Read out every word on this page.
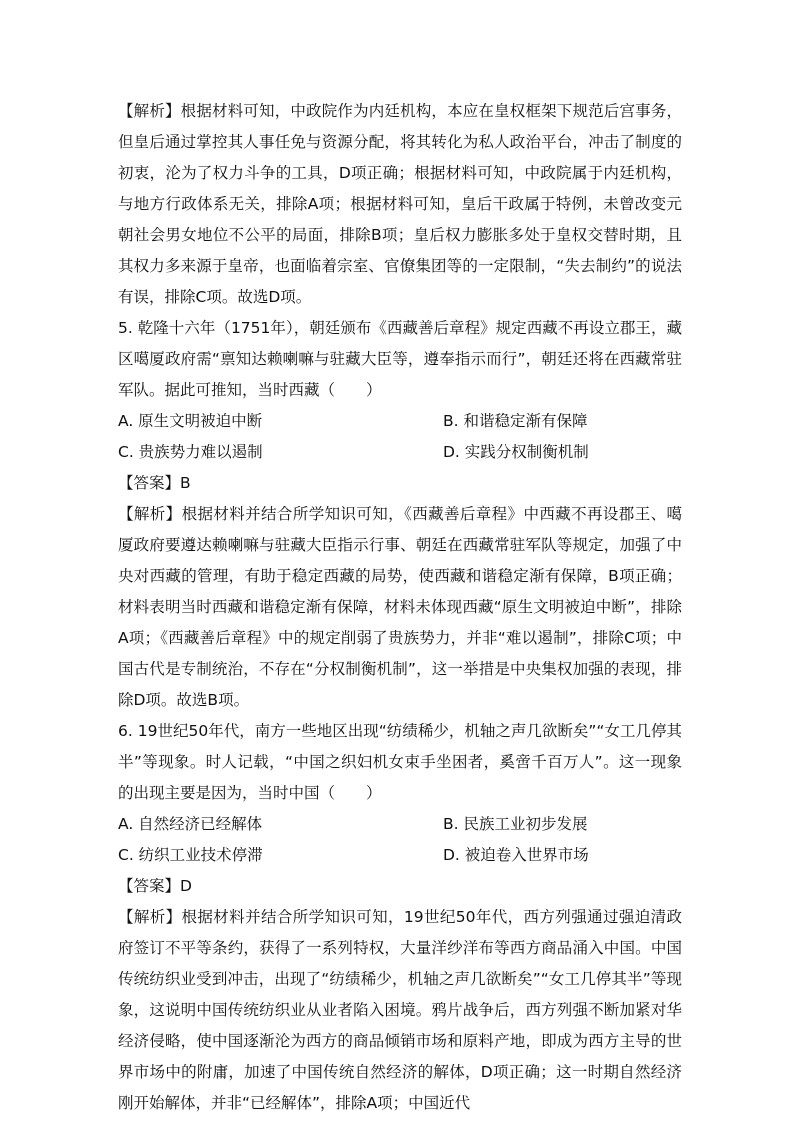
【解析】根据材料可知，中政院作为内廷机构，本应在皇权框架下规范后宫事务，但皇后通过掌控其人事任免与资源分配，将其转化为私人政治平台，冲击了制度的初衷，沦为了权力斗争的工具，D项正确；根据材料可知，中政院属于内廷机构，与地方行政体系无关，排除A项；根据材料可知，皇后干政属于特例，未曾改变元朝社会男女地位不公平的局面，排除B项；皇后权力膨胀多处于皇权交替时期，且其权力多来源于皇帝，也面临着宗室、官僚集团等的一定限制，“失去制约”的说法有误，排除C项。故选D项。

5. 乾隆十六年（1751年），朝廷颁布《西藏善后章程》规定西藏不再设立郡王，藏区噶厦政府需“禀知达赖喇嘛与驻藏大臣等，遵奉指示而行”，朝廷还将在西藏常驻军队。据此可推知，当时西藏（　　）

A. 原生文明被迫中断	B. 和谐稳定渐有保障
C. 贵族势力难以遏制	D. 实践分权制衡机制

【答案】B

【解析】根据材料并结合所学知识可知，《西藏善后章程》中西藏不再设郡王、噶厦政府要遵达赖喇嘛与驻藏大臣指示行事、朝廷在西藏常驻军队等规定，加强了中央对西藏的管理，有助于稳定西藏的局势，使西藏和谐稳定渐有保障，B项正确；材料表明当时西藏和谐稳定渐有保障，材料未体现西藏“原生文明被迫中断”，排除A项；《西藏善后章程》中的规定削弱了贵族势力，并非“难以遏制”，排除C项；中国古代是专制统治，不存在“分权制衡机制”，这一举措是中央集权加强的表现，排除D项。故选B项。

6. 19世纪50年代，南方一些地区出现“纺绩稀少，机轴之声几欲断矣”“女工几停其半”等现象。时人记载，“中国之织妇机女束手坐困者，奚啻千百万人”。这一现象的出现主要是因为，当时中国（　　）

A. 自然经济已经解体	B. 民族工业初步发展
C. 纺织工业技术停滞	D. 被迫卷入世界市场

【答案】D

【解析】根据材料并结合所学知识可知，19世纪50年代，西方列强通过强迫清政府签订不平等条约，获得了一系列特权，大量洋纱洋布等西方商品涌入中国。中国传统纺织业受到冲击，出现了“纺绩稀少，机轴之声几欲断矣”“女工几停其半”等现象，这说明中国传统纺织业从业者陷入困境。鸦片战争后，西方列强不断加紧对华经济侵略，使中国逐渐沦为西方的商品倾销市场和原料产地，即成为西方主导的世界市场中的附庸，加速了中国传统自然经济的解体，D项正确；这一时期自然经济刚开始解体，并非“已经解体”，排除A项；中国近代
